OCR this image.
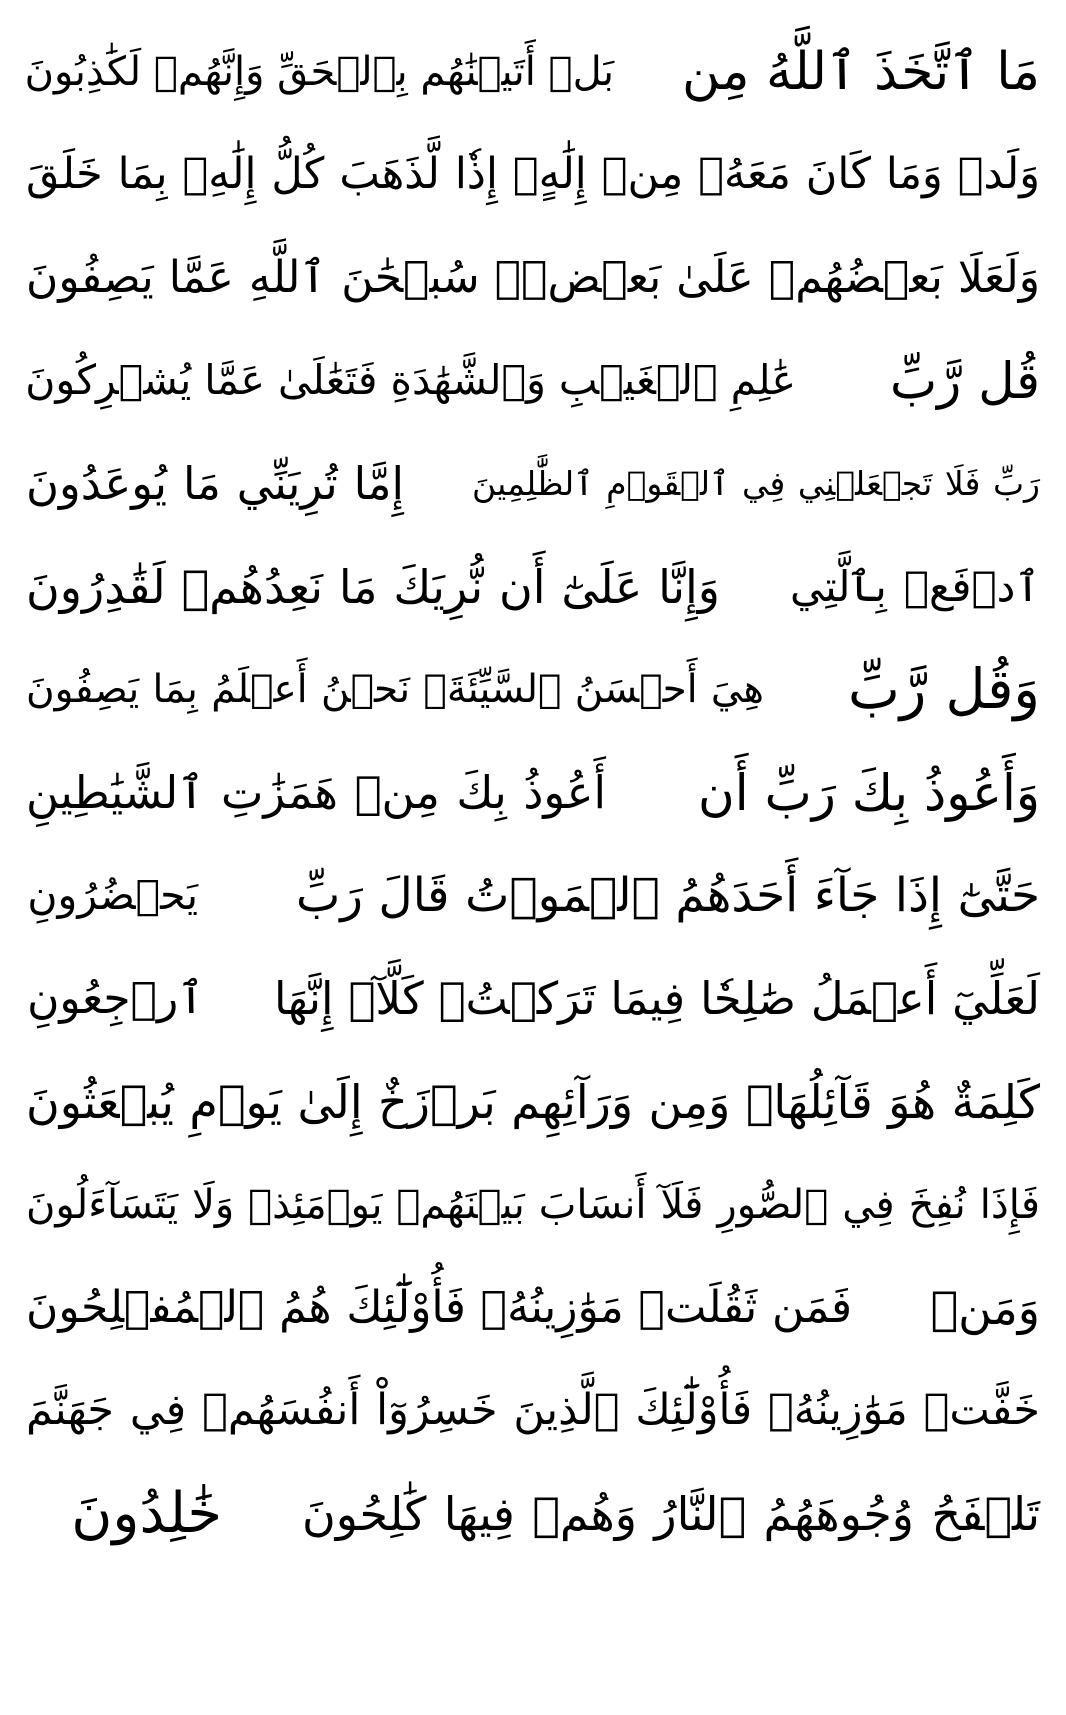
بَلۡ أَتَيۡنَٰهُم بِٱلۡحَقِّ وَإِنَّهُمۡ لَكَٰذِبُونَ مَا ٱتَّخَذَ ٱللَّهُ مِن
وَلَدٖ وَمَا كَانَ مَعَهُۥ مِنۡ إِلَٰهٍۚ إِذٗا لَّذَهَبَ كُلُّ إِلَٰهِۢ بِمَا خَلَقَ
وَلَعَلَا بَعۡضُهُمۡ عَلَىٰ بَعۡضٖۚ سُبۡحَٰنَ ٱللَّهِ عَمَّا يَصِفُونَ
عَٰلِمِ ٱلۡغَيۡبِ وَٱلشَّهَٰدَةِ فَتَعَٰلَىٰ عَمَّا يُشۡرِكُونَ قُل رَّبِّ
إِمَّا تُرِيَنِّي مَا يُوعَدُونَ رَبِّ فَلَا تَجۡعَلۡنِي فِي ٱلۡقَوۡمِ ٱلظَّٰلِمِينَ
وَإِنَّا عَلَىٰٓ أَن نُّرِيَكَ مَا نَعِدُهُمۡ لَقَٰدِرُونَ ٱدۡفَعۡ بِٱلَّتِي
هِيَ أَحۡسَنُ ٱلسَّيِّئَةَۚ نَحۡنُ أَعۡلَمُ بِمَا يَصِفُونَ وَقُل رَّبِّ
أَعُوذُ بِكَ مِنۡ هَمَزَٰتِ ٱلشَّيَٰطِينِ وَأَعُوذُ بِكَ رَبِّ أَن
يَحۡضُرُونِ حَتَّىٰٓ إِذَا جَآءَ أَحَدَهُمُ ٱلۡمَوۡتُ قَالَ رَبِّ
ٱرۡجِعُونِ لَعَلِّيٓ أَعۡمَلُ صَٰلِحٗا فِيمَا تَرَكۡتُۚ كَلَّآۚ إِنَّهَا
كَلِمَةٌ هُوَ قَآئِلُهَاۖ وَمِن وَرَآئِهِم بَرۡزَخٌ إِلَىٰ يَوۡمِ يُبۡعَثُونَ
فَإِذَا نُفِخَ فِي ٱلصُّورِ فَلَآ أَنسَابَ بَيۡنَهُمۡ يَوۡمَئِذٖ وَلَا يَتَسَآءَلُونَ
فَمَن ثَقُلَتۡ مَوَٰزِينُهُۥ فَأُوْلَٰٓئِكَ هُمُ ٱلۡمُفۡلِحُونَ وَمَنۡ
خَفَّتۡ مَوَٰزِينُهُۥ فَأُوْلَٰٓئِكَ ٱلَّذِينَ خَسِرُوٓاْ أَنفُسَهُمۡ فِي جَهَنَّمَ
خَٰلِدُونَ تَلۡفَحُ وُجُوهَهُمُ ٱلنَّارُ وَهُمۡ فِيهَا كَٰلِحُونَ
